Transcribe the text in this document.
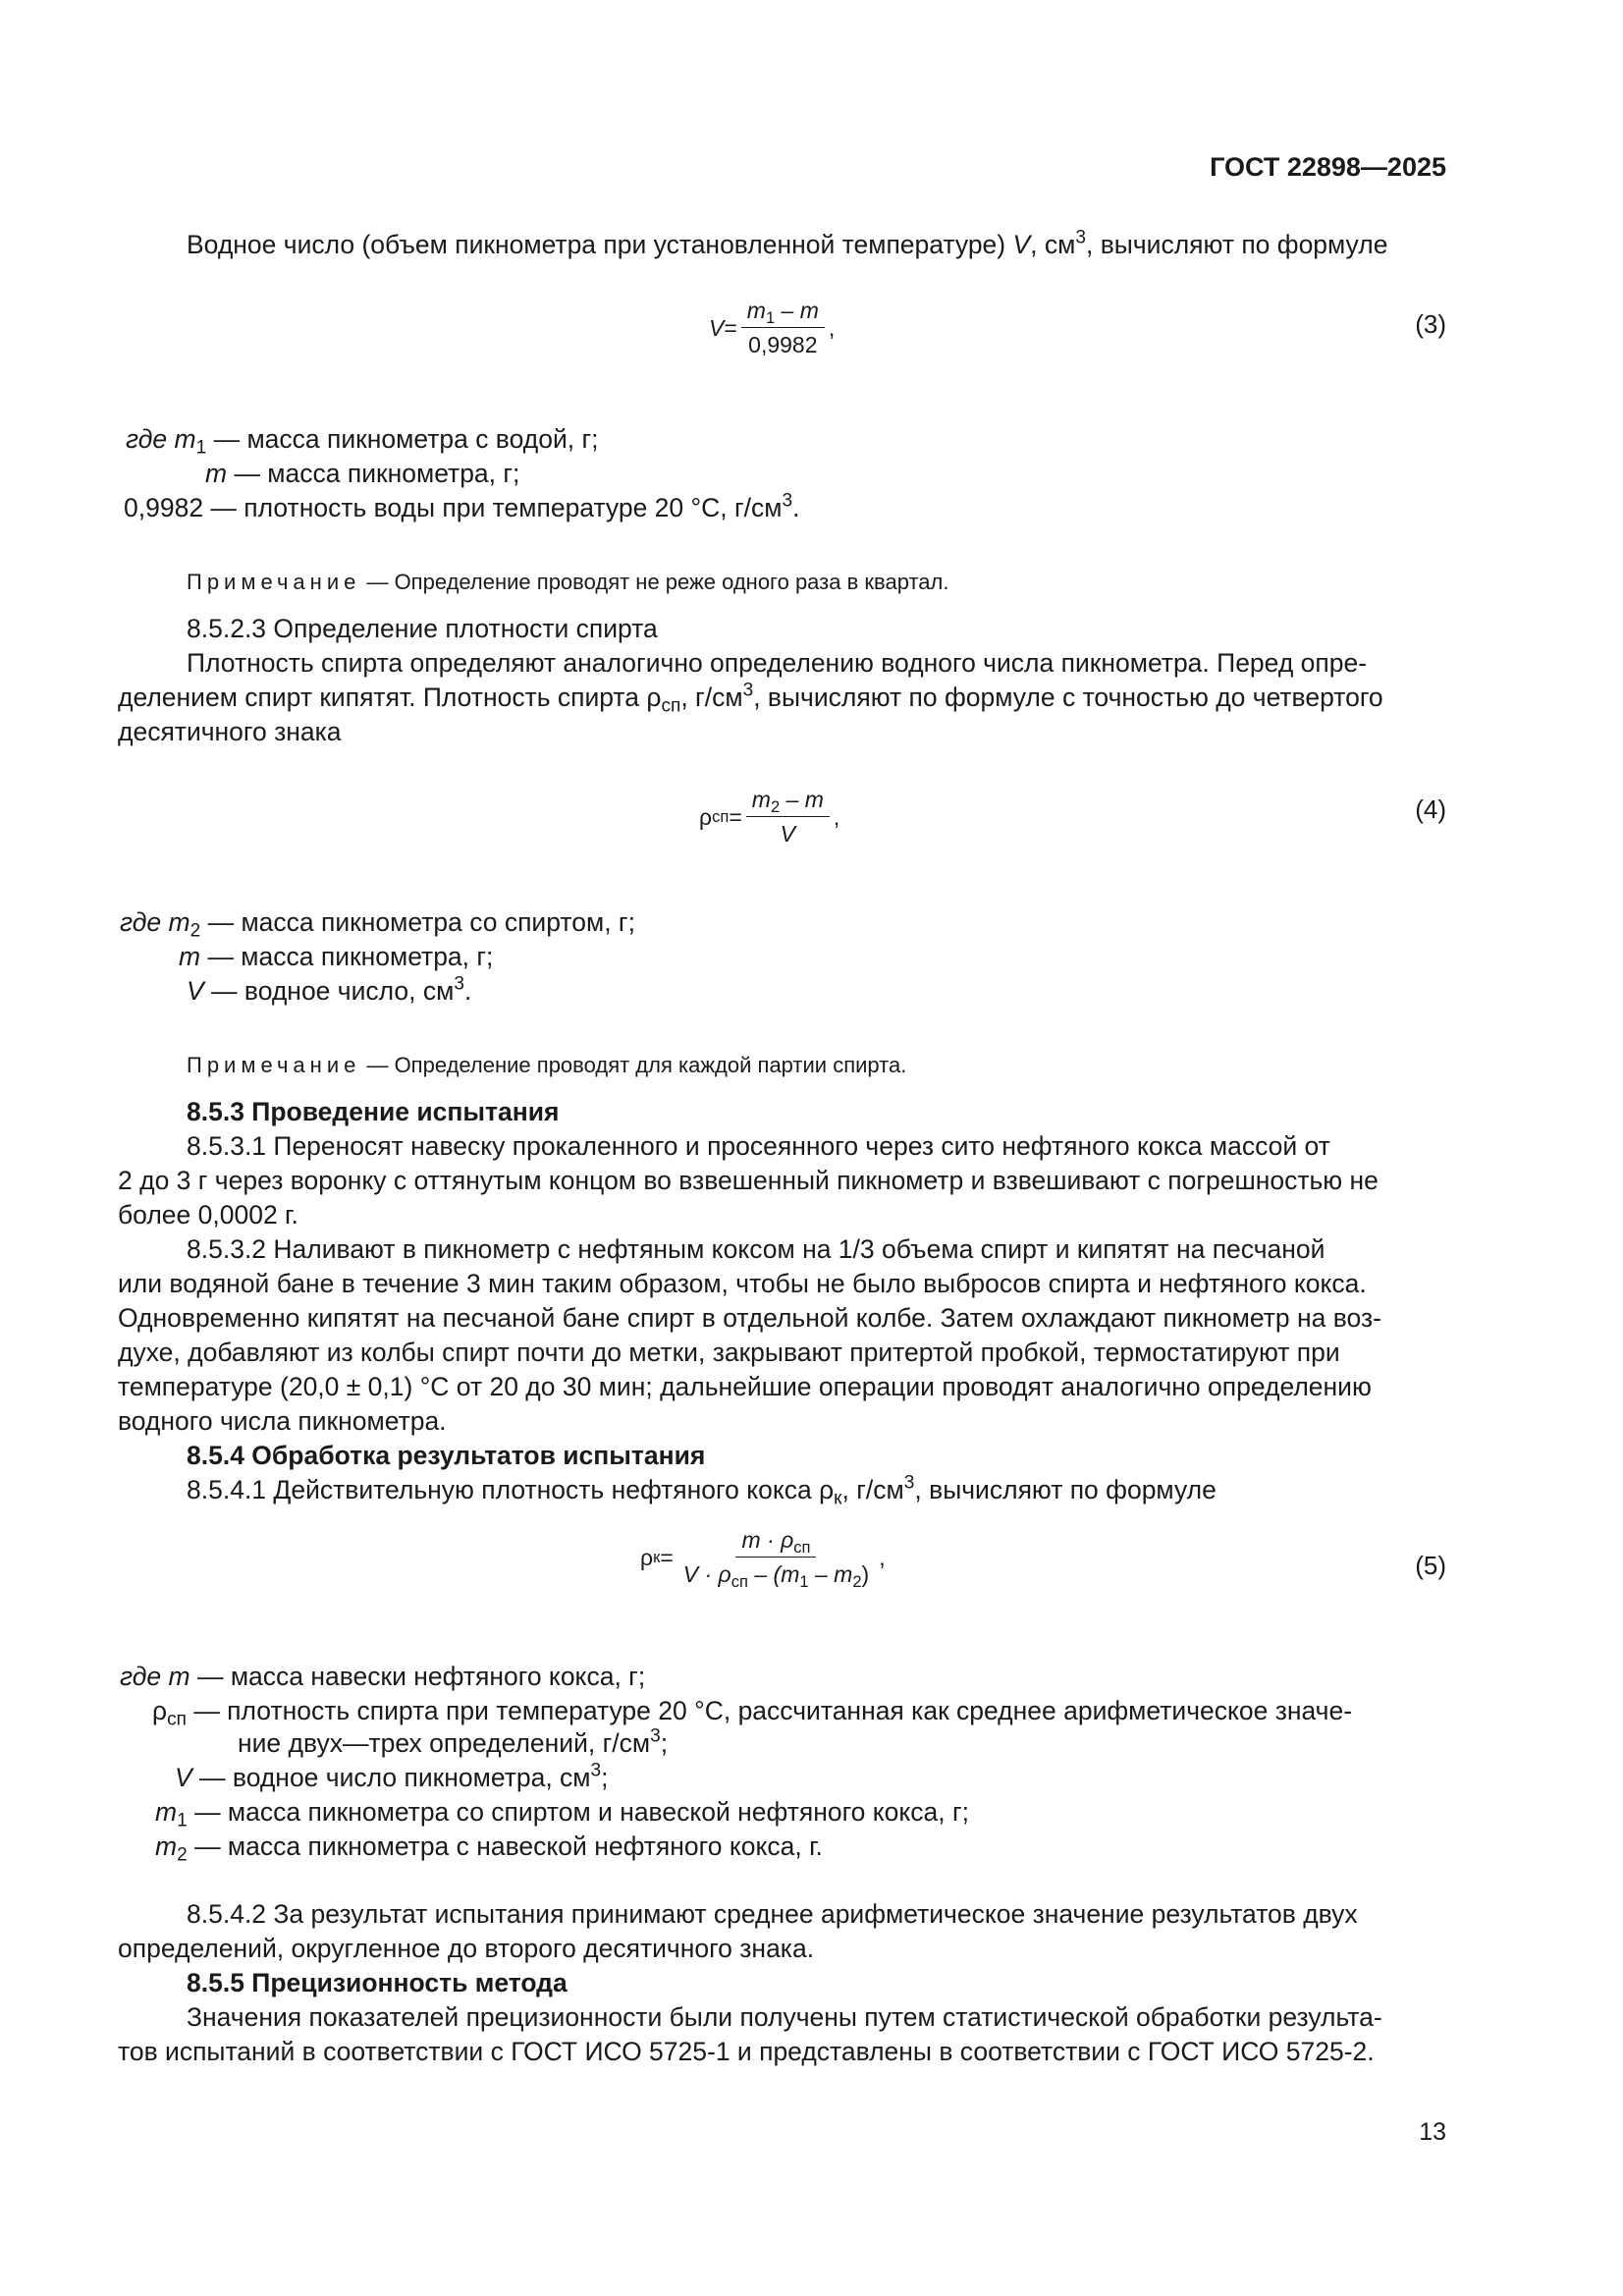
ГОСТ 22898—2025
Водное число (объем пикнометра при установленной температуре) V, $см^3$, вычисляют по формуле
$V = \frac{m_1 - m}{0,9982}$ ,	(3)
где $m_1$ — масса пикнометра с водой, г;
m — масса пикнометра, г;
0,9982 — плотность воды при температуре 20 °С, $г/см^3$.
Примечание — Определение проводят не реже одного раза в квартал.
8.5.2.3 Определение плотности спирта
Плотность спирта определяют аналогично определению водного числа пикнометра. Перед опре-
делением спирт кипятят. Плотность спирта $\rho_{сп}$, $г/см^3$, вычисляют по формуле с точностью до четвертого
десятичного знака
ρ сп = $\frac{m_2 - m}{V}$ ,	(4)
где $m_2$ — масса пикнометра со спиртом, г;
m — масса пикнометра, г;
V — водное число, $см^3$.
Примечание — Определение проводят для каждой партии спирта.
8.5.3 Проведение испытания
8.5.3.1 Переносят навеску прокаленного и просеянного через сито нефтяного кокса массой от
2 до 3 г через воронку с оттянутым концом во взвешенный пикнометр и взвешивают с погрешностью не
более 0,0002 г.
8.5.3.2 Наливают в пикнометр с нефтяным коксом на 1/3 объема спирт и кипятят на песчаной
или водяной бане в течение 3 мин таким образом, чтобы не было выбросов спирта и нефтяного кокса.
Одновременно кипятят на песчаной бане спирт в отдельной колбе. Затем охлаждают пикнометр на воз-
духе, добавляют из колбы спирт почти до метки, закрывают притертой пробкой, термостатируют при
температуре (20,0 ± 0,1) °С от 20 до 30 мин; дальнейшие операции проводят аналогично определению
водного числа пикнометра.
8.5.4 Обработка результатов испытания
8.5.4.1 Действительную плотность нефтяного кокса $\rho_к$, $г/см^3$, вычисляют по формуле
ρ $к = \frac{m \cdot \rho_{сп}}{V \cdot \rho_{сп} - (m_1 - m_2)}$ ,	(5)
где m — масса навески нефтяного кокса, г;
$\rho_{сп}$ — плотность спирта при температуре 20 °С, рассчитанная как среднее арифметическое значе-
ние двух—трех определений, $г/см^3$;
V — водное число пикнометра, $см^3$;
$m_1$ — масса пикнометра со спиртом и навеской нефтяного кокса, г;
$m_2$ — масса пикнометра с навеской нефтяного кокса, г.
8.5.4.2 За результат испытания принимают среднее арифметическое значение результатов двух
определений, округленное до второго десятичного знака.
8.5.5 Прецизионность метода
Значения показателей прецизионности были получены путем статистической обработки результа-
тов испытаний в соответствии с ГОСТ ИСО 5725-1 и представлены в соответствии с ГОСТ ИСО 5725-2.
13
